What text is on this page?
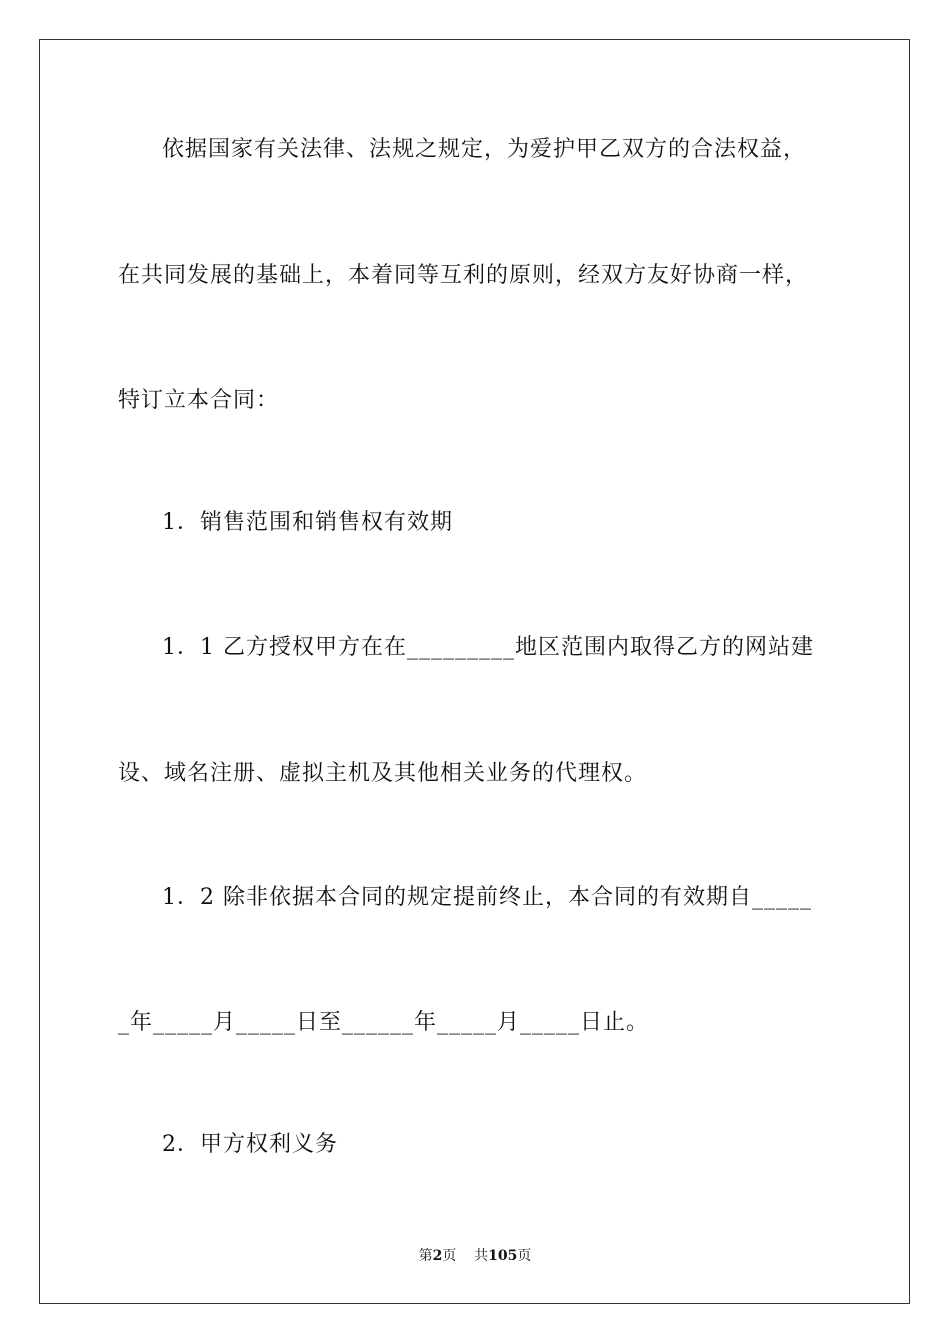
依据国家有关法律、法规之规定，为爱护甲乙双方的合法权益，
在共同发展的基础上，本着同等互利的原则，经双方友好协商一样，
特订立本合同：
1．销售范围和销售权有效期
1．1 乙方授权甲方在在_________地区范围内取得乙方的网站建
设、域名注册、虚拟主机及其他相关业务的代理权。
1．2 除非依据本合同的规定提前终止，本合同的有效期自_____
_年_____月_____日至______年_____月_____日止。
2．甲方权利义务
第2页 共105页
